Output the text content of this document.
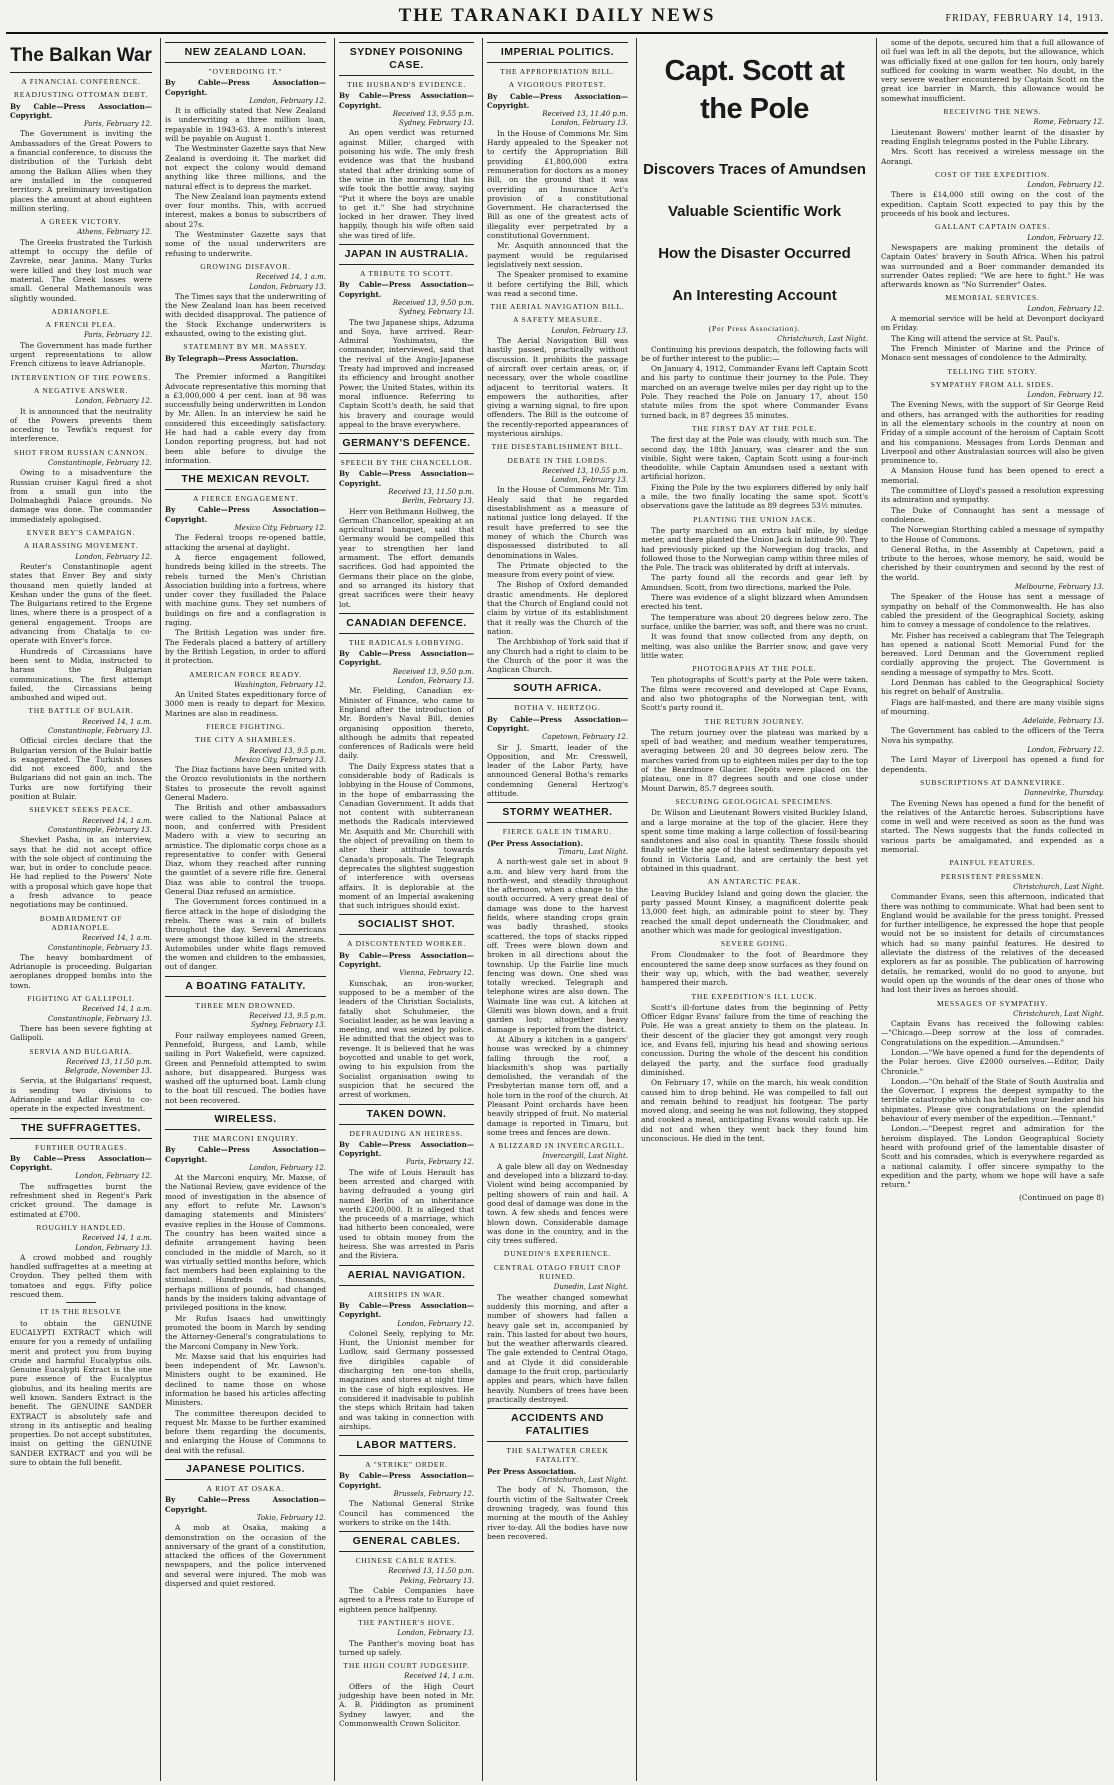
THE TARANAKI DAILY NEWS	FRIDAY, FEBRUARY 14, 1913.
The Balkan War
A FINANCIAL CONFERENCE.
READJUSTING OTTOMAN DEBT.
By Cable—Press Association—Copyright.
Paris, February 12.

The Government is inviting the Ambassadors of the Great Powers to a financial conference, to discuss the distribution of the Turkish debt among the Balkan Allies when they are installed in the conquered territory. A preliminary investigation places the amount at about eighteen million sterling.

A GREEK VICTORY.
Athens, February 12.

The Greeks frustrated the Turkish attempt to occupy the defile of Zavreke, near Janina. Many Turks were killed and they lost much war material. The Greek losses were small. General Mathemanouls was slightly wounded.

ADRIANOPLE.
A FRENCH PLEA.
Paris, February 12.

The Government has made further urgent representations to allow French citizens to leave Adrianople.

INTERVENTION OF THE POWERS.
A NEGATIVE ANSWER.
London, February 12.

It is announced that the neutrality of the Powers prevents them acceding to Tewfik's request for interference.

SHOT FROM RUSSIAN CANNON.
Constantinople, February 12.

Owing to a misadventure the Russian cruiser Kagul fired a shot from a small gun into the Dolmabaghdi Palace grounds. No damage was done. The commander immediately apologised.

ENVER BEY'S CAMPAIGN.
A HARASSING MOVEMENT.
London, February 12.

Reuter's Constantinople agent states that Enver Bey and sixty thousand men quietly landed at Keshan under the guns of the fleet. The Bulgarians retired to the Ergene lines, where there is a prospect of a general engagement. Troops are advancing from Chatalja to co-operate with Enver's force.

Hundreds of Circassians have been sent to Midia, instructed to harass the Bulgarian communications. The first attempt failed, the Circassians being ambushed and wiped out.

THE BATTLE OF BULAIR.
Received 14, 1 a.m.
Constantinople, February 13.

Official circles declare that the Bulgarian version of the Bulair battle is exaggerated. The Turkish losses did not exceed 800, and the Bulgarians did not gain an inch. The Turks are now fortifying their position at Bulair.

SHEVKET SEEKS PEACE.
Received 14, 1 a.m.
Constantinople, February 13.

Shevket Pasha, in an interview, says that he did not accept office with the sole object of continuing the war, but in order to conclude peace. He had replied to the Powers' Note with a proposal which gave hope that a fresh advance to peace negotiations may be continued.

BOMBARDMENT OF ADRIANOPLE.
Received 14, 1 a.m.
Constantinople, February 13.

The heavy bombardment of Adrianople is proceeding. Bulgarian aeroplanes dropped bombs into the town.

FIGHTING AT GALLIPOLI.
Received 14, 1 a.m.
Constantinople, February 13.

There has been severe fighting at Gallipoli.

SERVIA AND BULGARIA.
Received 13, 11.50 p.m.
Belgrade, November 13.

Servia, at the Bulgarians' request, is sending two divisions to Adrianople and Adlar Keui to co-operate in the expected investment.

THE SUFFRAGETTES.
FURTHER OUTRAGES.
By Cable—Press Association—Copyright.
London, February 12.

The suffragettes burnt the refreshment shed in Regent's Park cricket ground. The damage is estimated at £700.

ROUGHLY HANDLED.
Received 14, 1 a.m.
London, February 13.

A crowd mobbed and roughly handled suffragettes at a meeting at Croydon. They pelted them with tomatoes and eggs. Fifty police rescued them.

IT IS THE RESOLVE

to obtain the GENUINE EUCALYPTI EXTRACT which will ensure for you a remedy of unfailing merit and protect you from buying crude and harmful Eucalyptus oils. Genuine Eucalypti Extract is the one pure essence of the Eucalyptus globulus, and its healing merits are well known. Sanders Extract is the benefit. The GENUINE SANDER EXTRACT is absolutely safe and strong in its antiseptic and healing properties. Do not accept substitutes, insist on getting the GENUINE SANDER EXTRACT and you will be sure to obtain the full benefit.

NEW ZEALAND LOAN.
"OVERDOING IT."
By Cable—Press Association—Copyright.
London, February 12.

It is officially stated that New Zealand is underwriting a three million loan, repayable in 1943-63. A month's interest will be payable on August 1.

The Westminster Gazette says that New Zealand is overdoing it. The market did not expect the colony would demand anything like three millions, and the natural effect is to depress the market.

The New Zealand loan payments extend over four months. This, with accrued interest, makes a bonus to subscribers of about 27s.

The Westminster Gazette says that some of the usual underwriters are refusing to underwrite.

GROWING DISFAVOR.
Received 14, 1 a.m.
London, February 13.

The Times says that the underwriting of the New Zealand loan has been received with decided disapproval. The patience of the Stock Exchange underwriters is exhausted, owing to the existing glut.

STATEMENT BY MR. MASSEY.
By Telegraph—Press Association.
Marton, Thursday.

The Premier informed a Rangitikei Advocate representative this morning that a £3,000,000 4 per cent. loan at 98 was successfully being underwritten in London by Mr. Allen. In an interview he said he considered this exceedingly satisfactory. He had had a cable every day from London reporting progress, but had not been able before to divulge the information.

THE MEXICAN REVOLT.
A FIERCE ENGAGEMENT.
By Cable—Press Association—Copyright.
Mexico City, February 12.

The Federal troops re-opened battle, attacking the arsenal at daylight.

A fierce engagement followed, hundreds being killed in the streets. The rebels turned the Men's Christian Association building into a fortress, where under cover they fusilladed the Palace with machine guns. They set numbers of buildings on fire and a conflagration is raging.

The British Legation was under fire. The Federals placed a battery of artillery by the British Legation, in order to afford it protection.

AMERICAN FORCE READY.
Washington, February 12.

An United States expeditionary force of 3000 men is ready to depart for Mexico. Marines are also in readiness.

FIERCE FIGHTING.
THE CITY A SHAMBLES.
Received 13, 9.5 p.m.
Mexico City, February 13.

The Diaz factions have been united with the Orozco revolutionists in the northern States to prosecute the revolt against General Madero.

The British and other ambassadors were called to the National Palace at noon, and conferred with President Madero with a view to securing an armistice. The diplomatic corps chose as a representative to confer with General Diaz, whom they reached after running the gauntlet of a severe rifle fire. General Diaz was able to control the troops. General Diaz refused an armistice.

The Government forces continued in a fierce attack in the hope of dislodging the rebels. There was a rain of bullets throughout the day. Several Americans were amongst those killed in the streets. Automobiles under white flags removed the women and children to the embassies, out of danger.

A BOATING FATALITY.
THREE MEN DROWNED.
Received 13, 9.5 p.m.
Sydney, February 13.

Four railway employees named Green, Pennefold, Burgess, and Lamb, while sailing in Port Wakefield, were capsized. Green and Pennefold attempted to swim ashore, but disappeared. Burgess was washed off the upturned boat. Lamb clung to the boat till rescued. The bodies have not been recovered.

WIRELESS.
THE MARCONI ENQUIRY.
By Cable—Press Association—Copyright.
London, February 12.

At the Marconi enquiry, Mr. Maxse, of the National Review, gave evidence of the mood of investigation in the absence of any effort to refute Mr. Lawson's damaging statements and Ministers' evasive replies in the House of Commons. The country has been waited since a definite arrangement having been concluded in the middle of March, so it was virtually settled months before, which fact members had been explaining to the stimulant. Hundreds of thousands, perhaps millions of pounds, had changed hands by the insiders taking advantage of privileged positions in the know.

Mr Rufus Isaacs had unwittingly promoted the boom in March by sending the Attorney-General's congratulations to the Marconi Company in New York.

Mr. Maxse said that his enquiries had been independent of Mr. Lawson's. Ministers ought to be examined. He declined to name those on whose information he based his articles affecting Ministers.

The committee thereupon decided to request Mr. Maxse to be further examined before them regarding the documents, and enlarging the House of Commons to deal with the refusal.

JAPANESE POLITICS.
A RIOT AT OSAKA.
By Cable—Press Association—Copyright.
Tokio, February 12.

A mob at Osaka, making a demonstration on the occasion of the anniversary of the grant of a constitution, attacked the offices of the Government newspapers, and the police intervened and several were injured. The mob was dispersed and quiet restored.

SYDNEY POISONING CASE.
THE HUSBAND'S EVIDENCE.
By Cable—Press Association—Copyright.
Received 13, 9.55 p.m.
Sydney, February 13.

An open verdict was returned against Miller, charged with poisoning his wife. The only fresh evidence was that the husband stated that after drinking some of the wine in the morning that his wife took the bottle away, saying "Put it where the boys are unable to get it." She had strychnine locked in her drawer. They lived happily, though his wife often said she was tired of life.

JAPAN IN AUSTRALIA.
A TRIBUTE TO SCOTT.
By Cable—Press Association—Copyright.
Received 13, 9.50 p.m.
Sydney, February 13.

The two Japanese ships, Adzuma and Soya, have arrived. Rear-Admiral Yoshimatsu, the commander, interviewed, said that the revival of the Anglo-Japanese Treaty had improved and increased its efficiency and brought another Power, the United States, within its moral influence. Referring to Captain Scott's death, he said that his bravery and courage would appeal to the brave everywhere.

GERMANY'S DEFENCE.
SPEECH BY THE CHANCELLOR.
By Cable—Press Association—Copyright.
Received 13, 11.50 p.m.
Berlin, February 13.

Herr von Bethmann Hollweg, the German Chancellor, speaking at an agricultural banquet, said that Germany would be compelled this year to strengthen her land armament. The effort demands sacrifices. God had appointed the Germans their place on the globe, and so arranged its history that great sacrifices were their heavy lot.

CANADIAN DEFENCE.
THE RADICALS LOBBYING.
By Cable—Press Association—Copyright.
Received 13, 9.50 p.m.
London, February 13.

Mr. Fielding, Canadian ex-Minister of Finance, who came to England after the introduction of Mr. Borden's Naval Bill, denies organising opposition thereto, although he admits that repeated conferences of Radicals were held daily.

The Daily Express states that a considerable body of Radicals is lobbying in the House of Commons, in the hope of embarrassing the Canadian Government. It adds that not content with subterranean methods the Radicals interviewed Mr. Asquith and Mr. Churchill with the object of prevailing on them to alter their attitude towards Canada's proposals. The Telegraph deprecates the slightest suggestion of interference with overseas affairs. It is deplorable at the moment of an Imperial awakening that such intrigues should exist.

SOCIALIST SHOT.
A DISCONTENTED WORKER.
By Cable—Press Association—Copyright.
Vienna, February 12.

Kunschak, an iron-worker, supposed to be a member of the leaders of the Christian Socialists, fatally shot Schuhmeier, the Socialist leader, as he was leaving a meeting, and was seized by police. He admitted that the object was to revenge. It is believed that he was boycotted and unable to get work, owing to his expulsion from the Socialist organisation owing to suspicion that he secured the arrest of workmen.

TAKEN DOWN.
DEFRAUDING AN HEIRESS.
By Cable—Press Association—Copyright.
Paris, February 12.

The wife of Louis Herault has been arrested and charged with having defrauded a young girl named Berlin of an inheritance worth £200,000. It is alleged that the proceeds of a marriage, which had hitherto been concealed, were used to obtain money from the heiress. She was arrested in Paris and the Riviera.

AERIAL NAVIGATION.
AIRSHIPS IN WAR.
By Cable—Press Association—Copyright.
London, February 12.

Colonel Seely, replying to Mr. Hunt, the Unionist member for Ludlow, said Germany possessed five dirigibles capable of discharging ten one-ton shells, magazines and stores at night time in the case of high explosives. He considered it inadvisable to publish the steps which Britain had taken and was taking in connection with airships.

LABOR MATTERS.
A "STRIKE" ORDER.
By Cable—Press Association—Copyright.
Brussels, February 12.

The National General Strike Council has commenced the workers to strike on the 14th.

GENERAL CABLES.
CHINESE CABLE RATES.
Received 13, 11.50 p.m.
Peking, February 13.

The Cable Companies have agreed to a Press rate to Europe of eighteen pence halfpenny.

THE PANTHER'S HOVE.
London, February 13.

The Panther's moving boat has turned up safely.

THE HIGH COURT JUDGESHIP.
Received 14, 1 a.m.

Offers of the High Court judgeship have been noted in Mr. A. B. Piddington as prominent Sydney lawyer, and the Commonwealth Crown Solicitor.

IMPERIAL POLITICS.
THE APPROPRIATION BILL.
A VIGOROUS PROTEST.
By Cable—Press Association—Copyright.
Received 13, 11.40 p.m.
London, February 13.

In the House of Commons Mr. Sim Hardy appealed to the Speaker not to certify the Appropriation Bill providing £1,800,000 extra remuneration for doctors as a money Bill, on the ground that it was overriding an Insurance Act's provision of a constitutional Government. He characterised the Bill as one of the greatest acts of illegality ever perpetrated by a constitutional Government.

Mr. Asquith announced that the payment would be regularised legislatively next session.

The Speaker promised to examine it before certifying the Bill, which was read a second time.

THE AERIAL NAVIGATION BILL.
A SAFETY MEASURE.
London, February 13.

The Aerial Navigation Bill was hastily passed, practically without discussion. It prohibits the passage of aircraft over certain areas, or, if necessary, over the whole coastline adjacent to territorial waters. It empowers the authorities, after giving a warning signal, to fire upon offenders. The Bill is the outcome of the recently-reported appearances of mysterious airships.

THE DISESTABLISHMENT BILL.
DEBATE IN THE LORDS.
Received 13, 10.55 p.m.
London, February 13.

In the House of Commons Mr. Tim Healy said that he regarded disestablishment as a measure of national justice long delayed. If the result have preferred to see the money of which the Church was dispossessed distributed to all denominations in Wales.

The Primate objected to the measure from every point of view.

The Bishop of Oxford demanded drastic amendments. He deplored that the Church of England could not claim by virtue of its establishment that it really was the Church of the nation.

The Archbishop of York said that if any Church had a right to claim to be the Church of the poor it was the Anglican Church.

SOUTH AFRICA.
BOTHA V. HERTZOG.
By Cable—Press Association—Copyright.
Capetown, February 12.

Sir J. Smartt, leader of the Opposition, and Mr. Cresswell, leader of the Labor Party, have announced General Botha's remarks condemning General Hertzog's attitude.

STORMY WEATHER.
FIERCE GALE IN TIMARU.
(Per Press Association).
Timaru, Last Night.

A north-west gale set in about 9 a.m. and blew very hard from the north-west, and steadily throughout the afternoon, when a change to the south occurred. A very great deal of damage was done to the harvest fields, where standing crops grain was badly thrashed, stooks scattered, the tops of stacks ripped off. Trees were blown down and broken in all directions about the township. Up the Fairlie line much fencing was down. One shed was totally wrecked. Telegraph and telephone wires are also down. The Waimate line was cut. A kitchen at Gleniti was blown down, and a fruit garden lost; altogether heavy damage is reported from the district.

At Albury a kitchen in a gangers' house was wrecked by a chimney falling through the roof, a blacksmith's shop was partially demolished, the verandah of the Presbyterian manse torn off, and a hole torn in the roof of the church. At Pleasant Point orchards have been heavily stripped of fruit. No material damage is reported in Timaru, but some trees and fences are down.

A BLIZZARD IN INVERCARGILL.
Invercargill, Last Night.

A gale blew all day on Wednesday and developed into a blizzard to-day. Violent wind being accompanied by pelting showers of rain and hail. A good deal of damage was done in the town. A few sheds and fences were blown down. Considerable damage was done in the country, and in the city trees suffered.

DUNEDIN'S EXPERIENCE.
CENTRAL OTAGO FRUIT CROP RUINED.
Dunedin, Last Night.

The weather changed somewhat suddenly this morning, and after a number of showers had fallen a heavy gale set in, accompanied by rain. This lasted for about two hours, but the weather afterwards cleared. The gale extended to Central Otago, and at Clyde it did considerable damage to the fruit crop, particularly apples and pears, which have fallen heavily. Numbers of trees have been practically destroyed.

ACCIDENTS AND FATALITIES
THE SALTWATER CREEK FATALITY.
Per Press Association.
Christchurch, Last Night.

The body of N. Thomson, the fourth victim of the Saltwater Creek drowning tragedy, was found this morning at the mouth of the Ashley river to-day. All the bodies have now been recovered.

Capt. Scott at the Pole
Discovers Traces of Amundsen
Valuable Scientific Work
How the Disaster Occurred
An Interesting Account
(Per Press Association).
Christchurch, Last Night.

Continuing his previous despatch, the following facts will be of further interest to the public:—

On January 4, 1912, Commander Evans left Captain Scott and his party to continue their journey to the Pole. They marched on an average twelve miles per day right up to the Pole. They reached the Pole on January 17, about 150 statute miles from the spot where Commander Evans turned back, in 87 degrees 35 minutes.

THE FIRST DAY AT THE POLE.

The first day at the Pole was cloudy, with much sun. The second day, the 18th January, was clearer and the sun visible. Sight were taken, Captain Scott using a four-inch theodolite, while Captain Amundsen used a sextant with artificial horizon.

Fixing the Pole by the two explorers differed by only half a mile, the two finally locating the same spot. Scott's observations gave the latitude as 89 degrees 53½ minutes.

PLANTING THE UNION JACK.

The party marched on an extra half mile, by sledge meter, and there planted the Union Jack in latitude 90. They had previously picked up the Norwegian dog tracks, and followed those to the Norwegian camp within three miles of the Pole. The track was obliterated by drift at intervals.

The party found all the records and gear left by Amundsen. Scott, from two directions, marked the Pole.

There was evidence of a slight blizzard when Amundsen erected his tent.

The temperature was about 20 degrees below zero. The surface, unlike the barrier, was soft, and there was no crust.

It was found that snow collected from any depth, on melting, was also unlike the Barrier snow, and gave very little water.

PHOTOGRAPHS AT THE POLE.

Ten photographs of Scott's party at the Pole were taken. The films were recovered and developed at Cape Evans, and also two photographs of the Norwegian tent, with Scott's party round it.

THE RETURN JOURNEY.

The return journey over the plateau was marked by a spell of bad weather, and medium weather temperatures, averaging between 20 and 30 degrees below zero. The marches varied from up to eighteen miles per day to the top of the Beardmore Glacier. Depôts were placed on the plateau, one in 87 degrees south and one close under Mount Darwin, 85.7 degrees south.

SECURING GEOLOGICAL SPECIMENS.

Dr. Wilson and Lieutenant Bowers visited Buckley Island, and a large moraine at the top of the glacier. Here they spent some time making a large collection of fossil-bearing sandstones and also coal in quantity. These fossils should finally settle the age of the latest sedimentary deposits yet found in Victoria Land, and are certainly the best yet obtained in this quadrant.

AN ANTARCTIC PEAK.

Leaving Buckley Island and going down the glacier, the party passed Mount Kinsey, a magnificent dolerite peak 13,000 feet high, an admirable point to steer by. They reached the small depot underneath the Cloudmaker, and another which was made for geological investigation.

SEVERE GOING.

From Cloudmaker to the foot of Beardmore they encountered the same deep snow surfaces as they found on their way up, which, with the bad weather, severely hampered their march.

THE EXPEDITION'S ILL LUCK.

Scott's ill-fortune dates from the beginning of Petty Officer Edgar Evans' failure from the time of reaching the Pole. He was a great anxiety to them on the plateau. In their descent of the glacier they got amongst very rough ice, and Evans fell, injuring his head and showing serious concussion. During the whole of the descent his condition delayed the party, and the surface food gradually diminished.

On February 17, while on the march, his weak condition caused him to drop behind. He was compelled to fall out and remain behind to readjust his footgear. The party moved along, and seeing he was not following, they stopped and cooked a meal, anticipating Evans would catch up. He did not and when they went back they found him unconscious. He died in the tent.

some of the depots, secured him that a full allowance of oil fuel was left in all the depots, but the allowance, which was officially fixed at one gallon for ten hours, only barely sufficed for cooking in warm weather. No doubt, in the very severe weather encountered by Captain Scott on the great ice barrier in March, this allowance would be somewhat insufficient.

RECEIVING THE NEWS.
Rome, February 12.

Lieutenant Bowers' mother learnt of the disaster by reading English telegrams posted in the Public Library.

Mrs. Scott has received a wireless message on the Aorangi.

COST OF THE EXPEDITION.
London, February 12.

There is £14,000 still owing on the cost of the expedition. Captain Scott expected to pay this by the proceeds of his book and lectures.

GALLANT CAPTAIN OATES.
London, February 12.

Newspapers are making prominent the details of Captain Oates' bravery in South Africa. When his patrol was surrounded and a Boer commander demanded its surrender Oates replied: "We are here to fight." He was afterwards known as "No Surrender" Oates.

MEMORIAL SERVICES.
London, February 12.

A memorial service will be held at Devonport dockyard on Friday.

The King will attend the service at St. Paul's.

The French Minister of Marine and the Prince of Monaco sent messages of condolence to the Admiralty.

TELLING THE STORY.
SYMPATHY FROM ALL SIDES.
London, February 12.

The Evening News, with the support of Sir George Reid and others, has arranged with the authorities for reading in all the elementary schools in the country at noon on Friday of a simple account of the heroism of Captain Scott and his companions. Messages from Lords Denman and Liverpool and other Australasian sources will also be given prominence to.

A Mansion House fund has been opened to erect a memorial.

The committee of Lloyd's passed a resolution expressing its admiration and sympathy.

The Duke of Connaught has sent a message of condolence.

The Norwegian Storthing cabled a message of sympathy to the House of Commons.

General Botha, in the Assembly at Capetown, paid a tribute to the heroes, whose memory, he said, would be cherished by their countrymen and second by the rest of the world.

Melbourne, February 13.

The Speaker of the House has sent a message of sympathy on behalf of the Commonwealth. He has also cabled the president of the Geographical Society, asking him to convey a message of condolence to the relatives.

Mr. Fisher has received a cablegram that The Telegraph has opened a national Scott Memorial Fund for the bereaved. Lord Denman and the Government replied cordially approving the project. The Government is sending a message of sympathy to Mrs. Scott.

Lord Denman has cabled to the Geographical Society his regret on behalf of Australia.

Flags are half-masted, and there are many visible signs of mourning.

Adelaide, February 13.

The Government has cabled to the officers of the Terra Nova his sympathy.

London, February 12.

The Lord Mayor of Liverpool has opened a fund for dependents.

SUBSCRIPTIONS AT DANNEVIRKE.
Dannevirke, Thursday.

The Evening News has opened a fund for the benefit of the relatives of the Antarctic heroes. Subscriptions have come in well and were received as soon as the fund was started. The News suggests that the funds collected in various parts be amalgamated, and expended as a memorial.

PAINFUL FEATURES.
PERSISTENT PRESSMEN.
Christchurch, Last Night.

Commander Evans, seen this afternoon, indicated that there was nothing to communicate. What had been sent to England would be available for the press tonight. Pressed for further intelligence, he expressed the hope that people would not be so insistent for details of circumstances which had so many painful features. He desired to alleviate the distress of the relatives of the deceased explorers as far as possible. The publication of harrowing details, he remarked, would do no good to anyone, but would open up the wounds of the dear ones of those who had lost their lives as heroes should.

MESSAGES OF SYMPATHY.
Christchurch, Last Night.

Captain Evans has received the following cables:—"Chicago.—Deep sorrow at the loss of comrades. Congratulations on the expedition.—Amundsen."

London.—"We have opened a fund for the dependents of the Polar heroes. Give £2000 ourselves.—Editor, Daily Chronicle."

London.—"On behalf of the State of South Australia and the Governor, I express the deepest sympathy to the terrible catastrophe which has befallen your leader and his shipmates. Please give congratulations on the splendid behaviour of every member of the expedition.—Tennant."

London.—"Deepest regret and admiration for the heroism displayed. The London Geographical Society heard with profound grief of the lamentable disaster of Scott and his comrades, which is everywhere regarded as a national calamity. I offer sincere sympathy to the expedition and the party, whom we hope will have a safe return."

(Continued on page 8)
